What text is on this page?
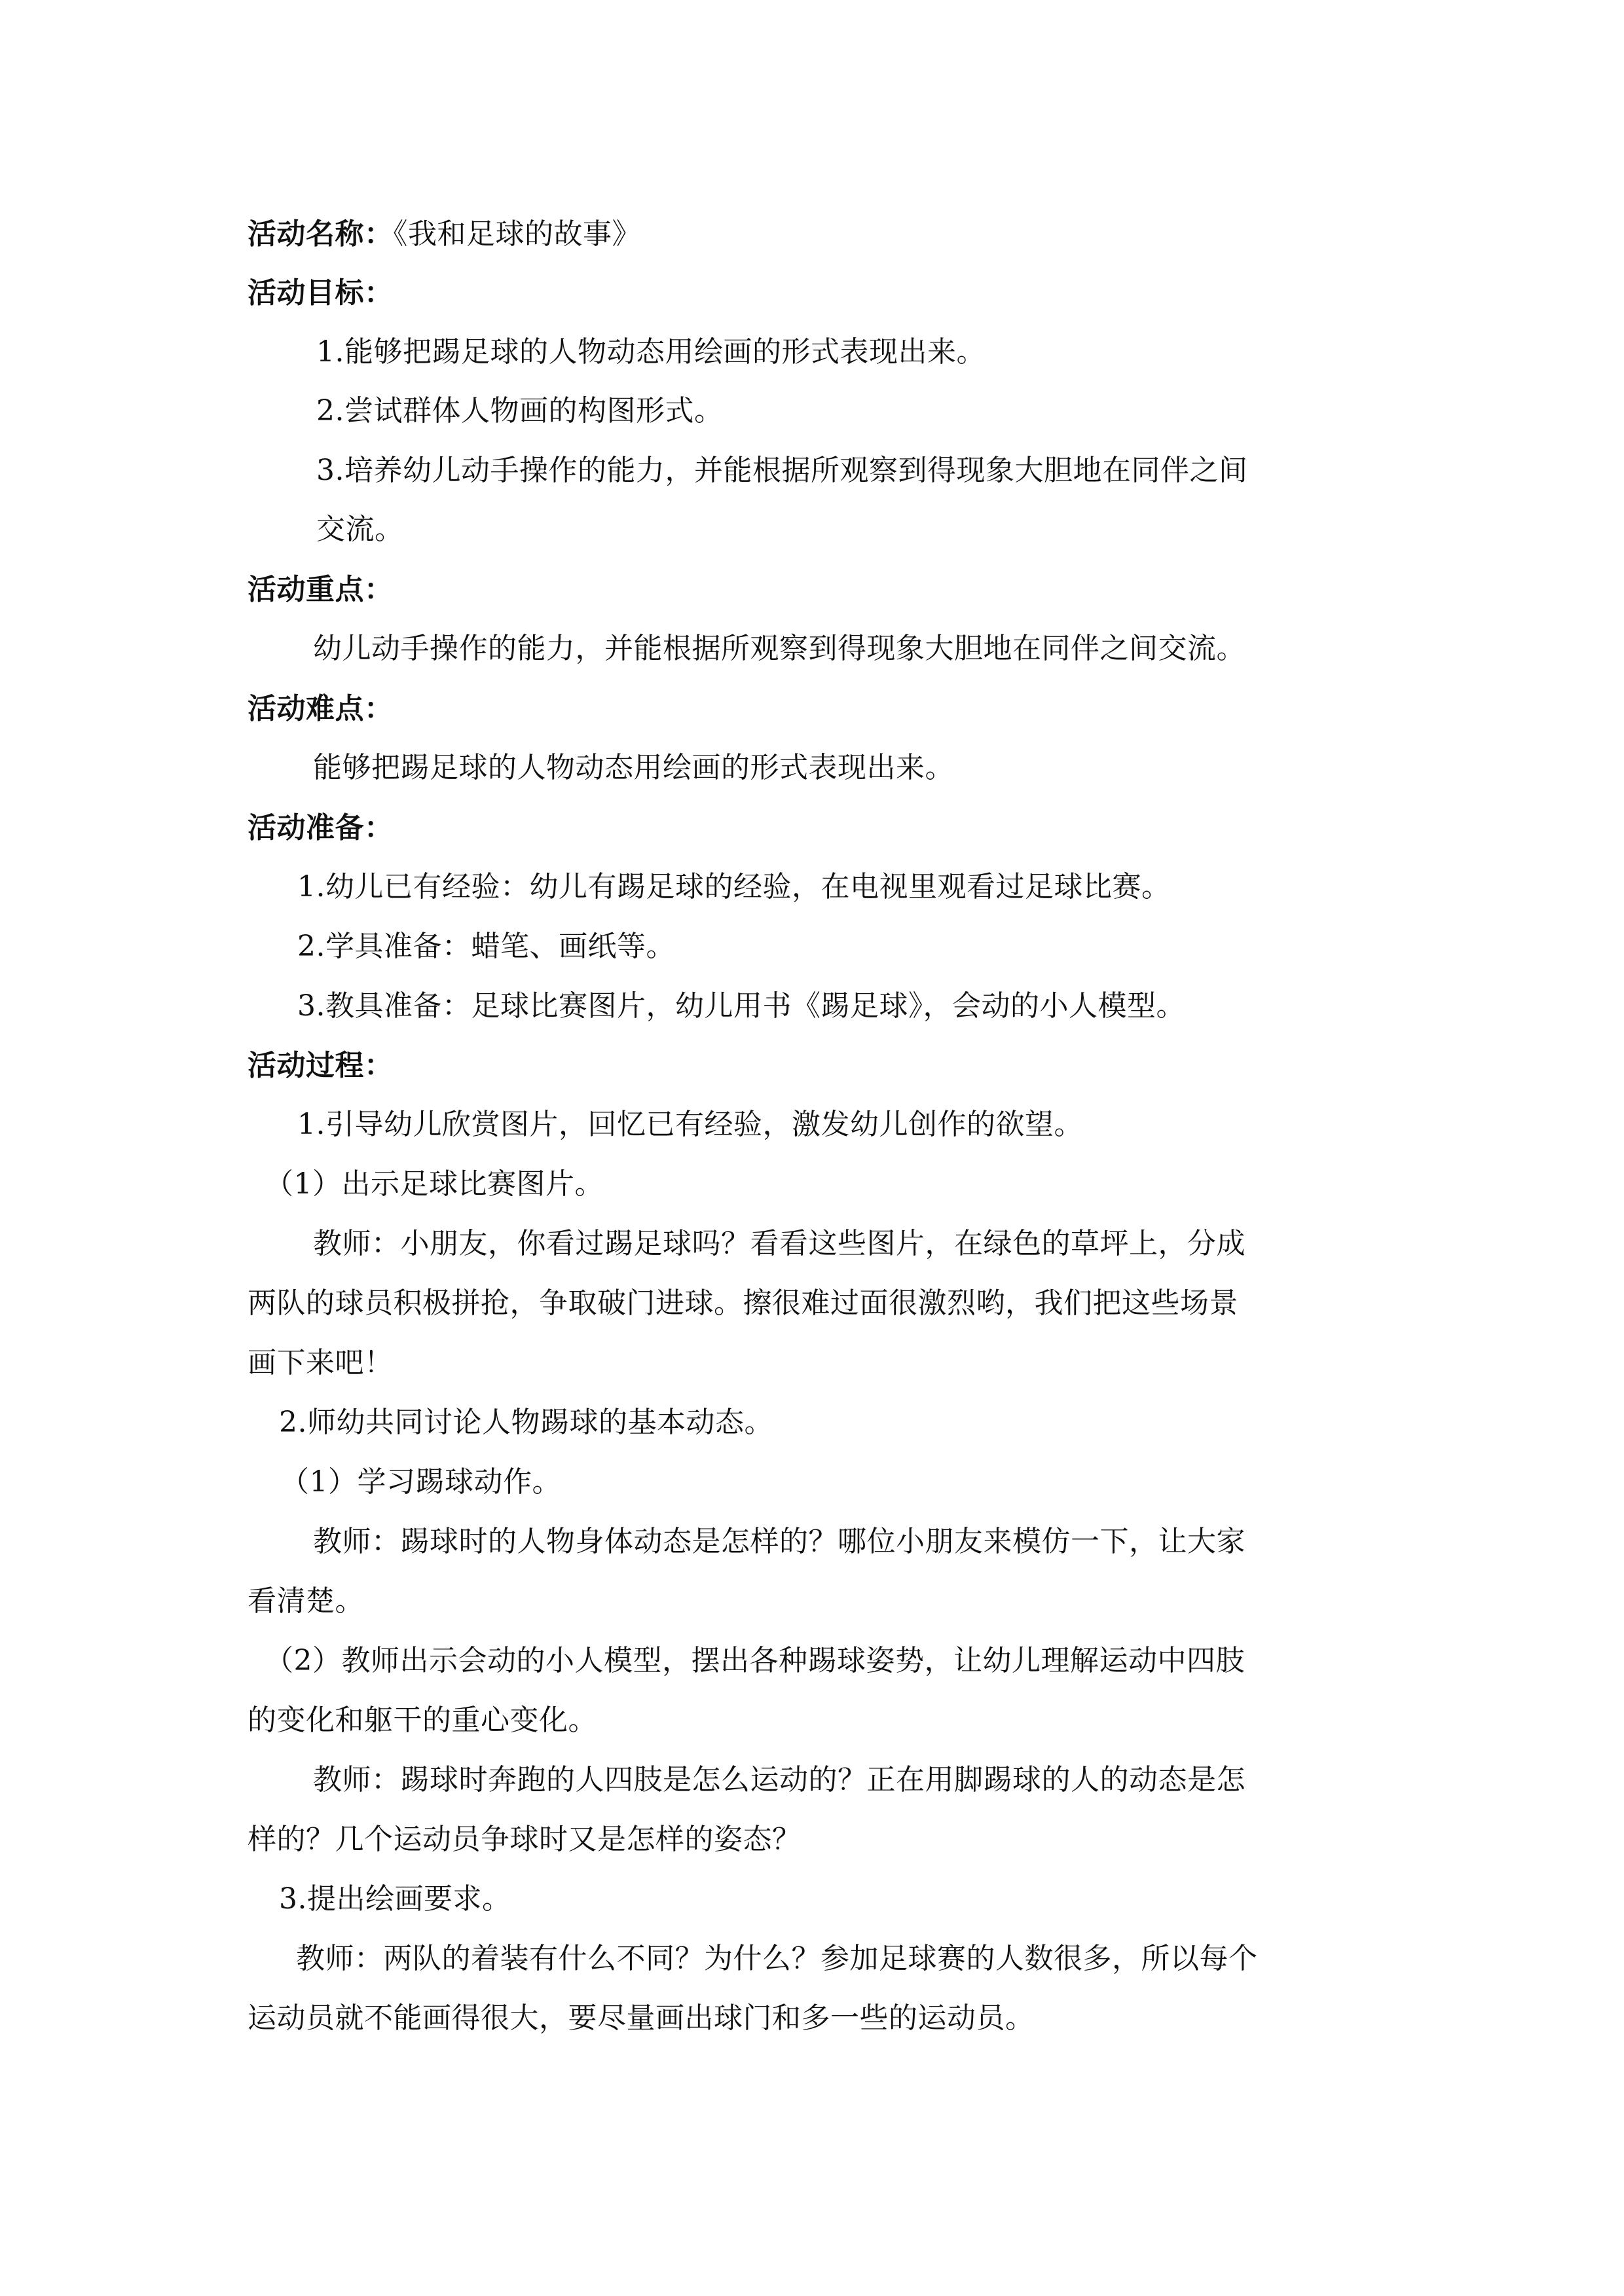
活动名称：《我和足球的故事》
活动目标：
1.能够把踢足球的人物动态用绘画的形式表现出来。
2.尝试群体人物画的构图形式。
3.培养幼儿动手操作的能力，并能根据所观察到得现象大胆地在同伴之间
交流。
活动重点：
幼儿动手操作的能力，并能根据所观察到得现象大胆地在同伴之间交流。
活动难点：
能够把踢足球的人物动态用绘画的形式表现出来。
活动准备：
1.幼儿已有经验：幼儿有踢足球的经验，在电视里观看过足球比赛。
2.学具准备：蜡笔、画纸等。
3.教具准备：足球比赛图片，幼儿用书《踢足球》，会动的小人模型。
活动过程：
1.引导幼儿欣赏图片，回忆已有经验，激发幼儿创作的欲望。
（1）出示足球比赛图片。
教师：小朋友，你看过踢足球吗？看看这些图片，在绿色的草坪上，分成
两队的球员积极拼抢，争取破门进球。擦很难过面很激烈哟，我们把这些场景
画下来吧！
2.师幼共同讨论人物踢球的基本动态。
（1）学习踢球动作。
教师：踢球时的人物身体动态是怎样的？哪位小朋友来模仿一下，让大家
看清楚。
（2）教师出示会动的小人模型，摆出各种踢球姿势，让幼儿理解运动中四肢
的变化和躯干的重心变化。
教师：踢球时奔跑的人四肢是怎么运动的？正在用脚踢球的人的动态是怎
样的？几个运动员争球时又是怎样的姿态？
3.提出绘画要求。
教师：两队的着装有什么不同？为什么？参加足球赛的人数很多，所以每个
运动员就不能画得很大，要尽量画出球门和多一些的运动员。
